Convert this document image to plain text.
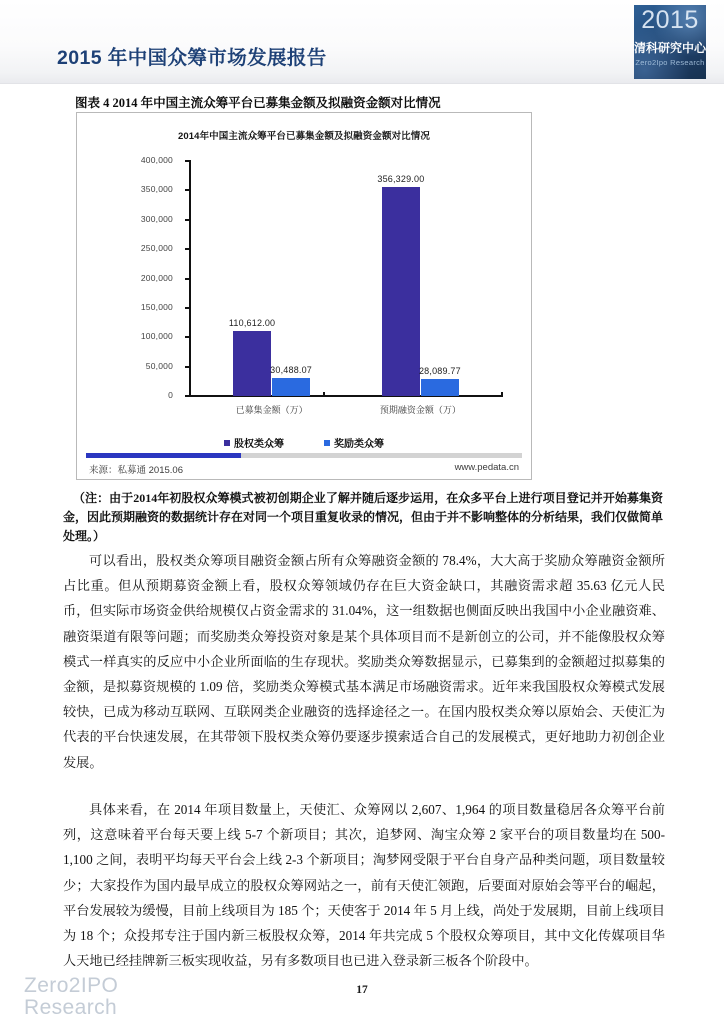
2015 年中国众筹市场发展报告
2015
清科研究中心
Zero2Ipo Research
图表 4 2014 年中国主流众筹平台已募集金额及拟融资金额对比情况
2014年中国主流众筹平台已募集金额及拟融资金额对比情况
0
50,000
100,000
150,000
200,000
250,000
300,000
350,000
400,000
110,612.00
30,488.07
356,329.00
28,089.77
已募集金额（万）	预期融资金额（万）
股权类众筹	奖励类众筹
来源：私募通 2015.06	www.pedata.cn
（注：由于2014年初股权众筹模式被初创期企业了解并随后逐步运用，在众多平台上进行项目登记并开始募集资金，因此预期融资的数据统计存在对同一个项目重复收录的情况，但由于并不影响整体的分析结果，我们仅做简单处理。）
可以看出，股权类众筹项目融资金额占所有众筹融资金额的 78.4%，大大高于奖励众筹融资金额所占比重。但从预期募资金额上看，股权众筹领域仍存在巨大资金缺口，其融资需求超 35.63 亿元人民币，但实际市场资金供给规模仅占资金需求的 31.04%，这一组数据也侧面反映出我国中小企业融资难、融资渠道有限等问题；而奖励类众筹投资对象是某个具体项目而不是新创立的公司，并不能像股权众筹模式一样真实的反应中小企业所面临的生存现状。奖励类众筹数据显示，已募集到的金额超过拟募集的金额，是拟募资规模的 1.09 倍，奖励类众筹模式基本满足市场融资需求。近年来我国股权众筹模式发展较快，已成为移动互联网、互联网类企业融资的选择途径之一。在国内股权类众筹以原始会、天使汇为代表的平台快速发展，在其带领下股权类众筹仍要逐步摸索适合自己的发展模式，更好地助力初创企业发展。
具体来看，在 2014 年项目数量上，天使汇、众筹网以 2,607、1,964 的项目数量稳居各众筹平台前列，这意味着平台每天要上线 5-7 个新项目；其次，追梦网、淘宝众筹 2 家平台的项目数量均在 500-1,100 之间，表明平均每天平台会上线 2-3 个新项目；淘梦网受限于平台自身产品种类问题，项目数量较少；大家投作为国内最早成立的股权众筹网站之一，前有天使汇领跑，后要面对原始会等平台的崛起，平台发展较为缓慢，目前上线项目为 185 个；天使客于 2014 年 5 月上线，尚处于发展期，目前上线项目为 18 个；众投邦专注于国内新三板股权众筹，2014 年共完成 5 个股权众筹项目，其中文化传媒项目华人天地已经挂牌新三板实现收益，另有多数项目也已进入登录新三板各个阶段中。
Zero2IPO
Research
17
